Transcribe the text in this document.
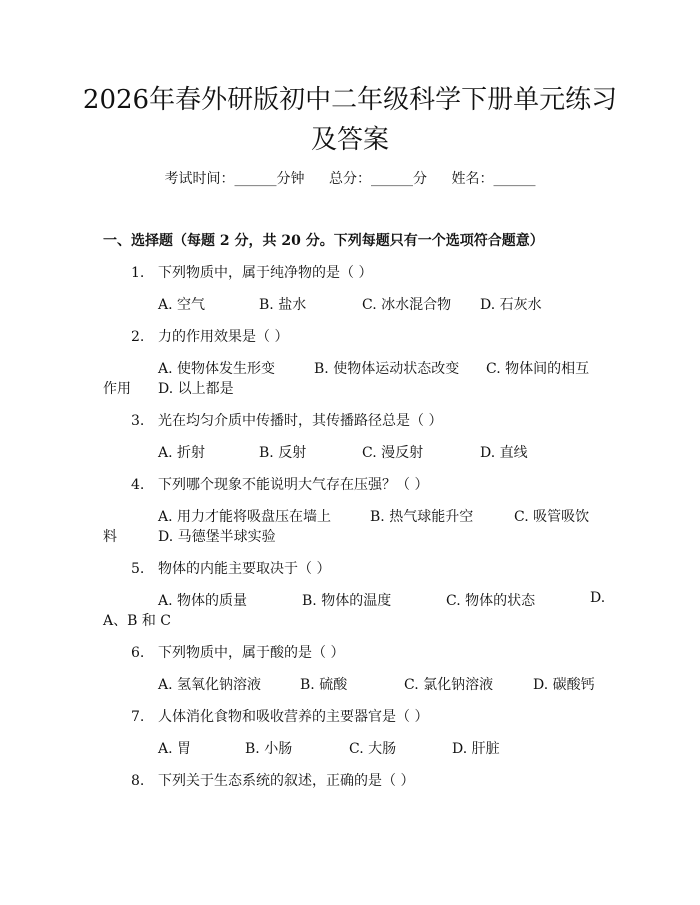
2026年春外研版初中二年级科学下册单元练习及答案
考试时间：______分钟 总分：______分 姓名：______
一、选择题（每题 2 分，共 20 分。下列每题只有一个选项符合题意）
1. 下列物质中，属于纯净物的是（ ）
A. 空气	B. 盐水	C. 冰水混合物 D. 石灰水
2. 力的作用效果是（ ）
A. 使物体发生形变	B. 使物体运动状态改变 C. 物体间的相互
作用 D. 以上都是
3. 光在均匀介质中传播时，其传播路径总是（ ）
A. 折射	B. 反射	C. 漫反射	D. 直线
4. 下列哪个现象不能说明大气存在压强？（ ）
A. 用力才能将吸盘压在墙上	B. 热气球能升空	C. 吸管吸饮
料	D. 马德堡半球实验
5. 物体的内能主要取决于（ ）
A. 物体的质量	B. 物体的温度	C. 物体的状态	D.
A、B 和 C
6. 下列物质中，属于酸的是（ ）
A. 氢氧化钠溶液	B. 硫酸	C. 氯化钠溶液	D. 碳酸钙
7. 人体消化食物和吸收营养的主要器官是（ ）
A. 胃	B. 小肠	C. 大肠	D. 肝脏
8. 下列关于生态系统的叙述，正确的是（ ）
